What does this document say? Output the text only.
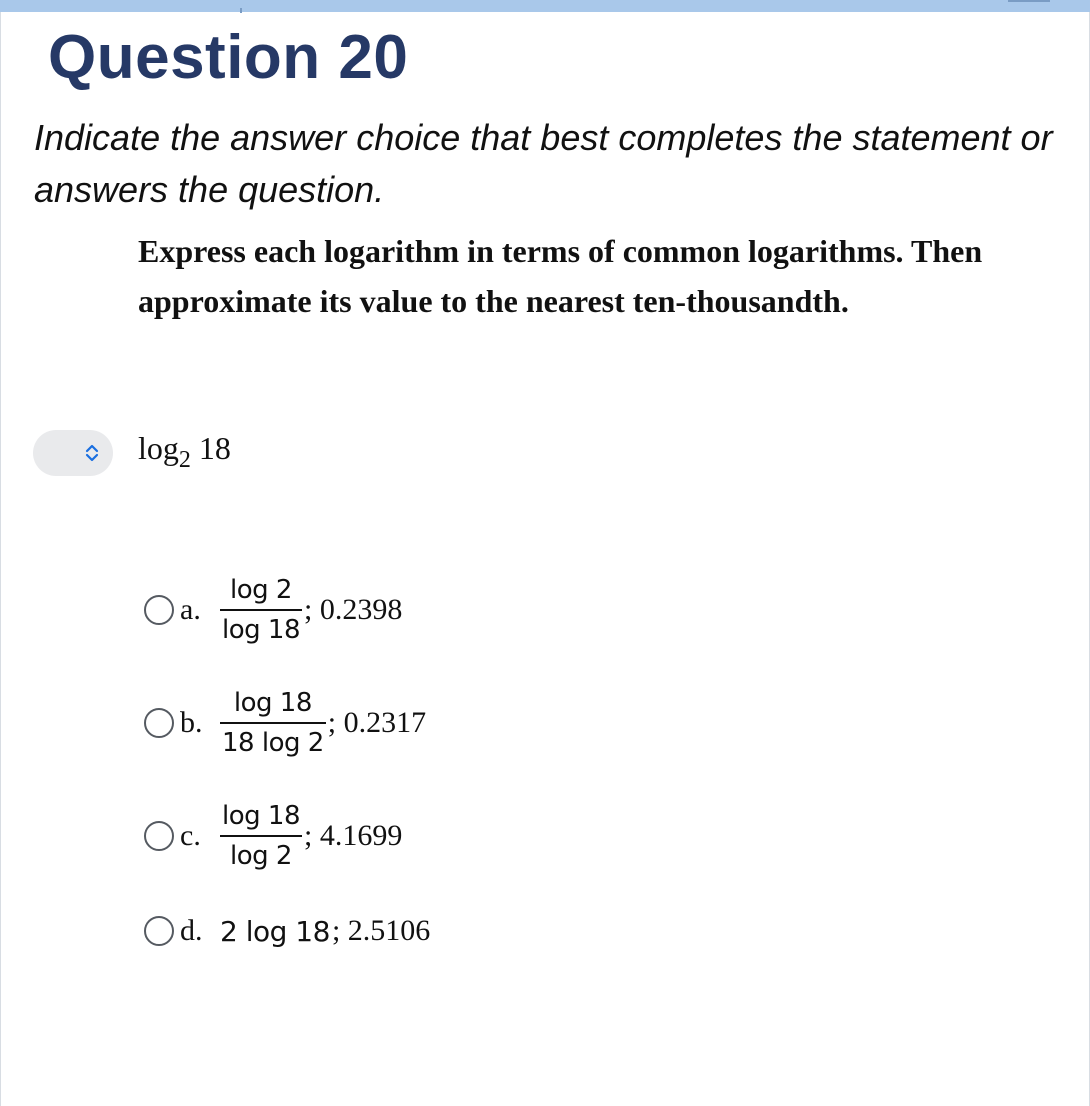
Question 20

Indicate the answer choice that best completes the statement or answers the question.

Express each logarithm in terms of common logarithms. Then approximate its value to the nearest ten-thousandth.

$\log_2 18$
a. $\frac{\log 2}{\log 18}$ ; 0.2398
b. $\frac{\log 18}{18 \log 2}$ ; 0.2317
c. $\frac{\log 18}{\log 2}$ ; 4.1699
d. 2 log 18 ; 2.5106
